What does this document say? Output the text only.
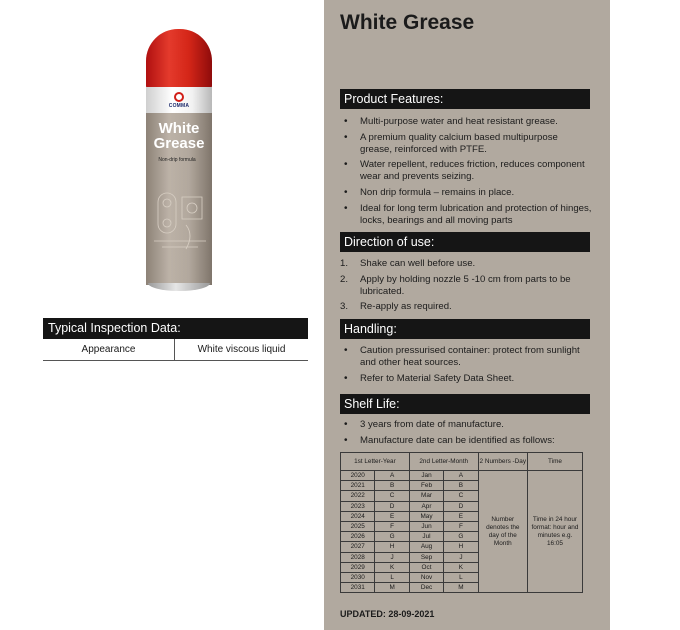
COMMA
White
Grease
Non-drip formula
Typical Inspection Data:
Appearance	White viscous liquid
White Grease
Product Features:
• Multi-purpose water and heat resistant grease.
• A premium quality calcium based multipurpose grease, reinforced with PTFE.
• Water repellent, reduces friction, reduces component wear and prevents seizing.
• Non drip formula – remains in place.
• Ideal for long term lubrication and protection of hinges, locks, bearings and all moving parts
Direction of use:
1. Shake can well before use.
2. Apply by holding nozzle 5 -10 cm from parts to be lubricated.
3. Re-apply as required.
Handling:
• Caution pressurised container: protect from sunlight and other heat sources.
• Refer to Material Safety Data Sheet.
Shelf Life:
• 3 years from date of manufacture.
• Manufacture date can be identified as follows:
1st Letter-Year		2nd Letter-Month		2 Numbers -Day	Time
2020	A	Jan	A	Number denotes the day of the Month	Time in 24 hour format: hour and minutes e.g. 16:05
2021	B	Feb	B		
2022	C	Mar	C		
2023	D	Apr	D		
2024	E	May	E		
2025	F	Jun	F		
2026	G	Jul	G		
2027	H	Aug	H		
2028	J	Sep	J		
2029	K	Oct	K		
2030	L	Nov	L		
2031	M	Dec	M		
UPDATED: 28-09-2021
